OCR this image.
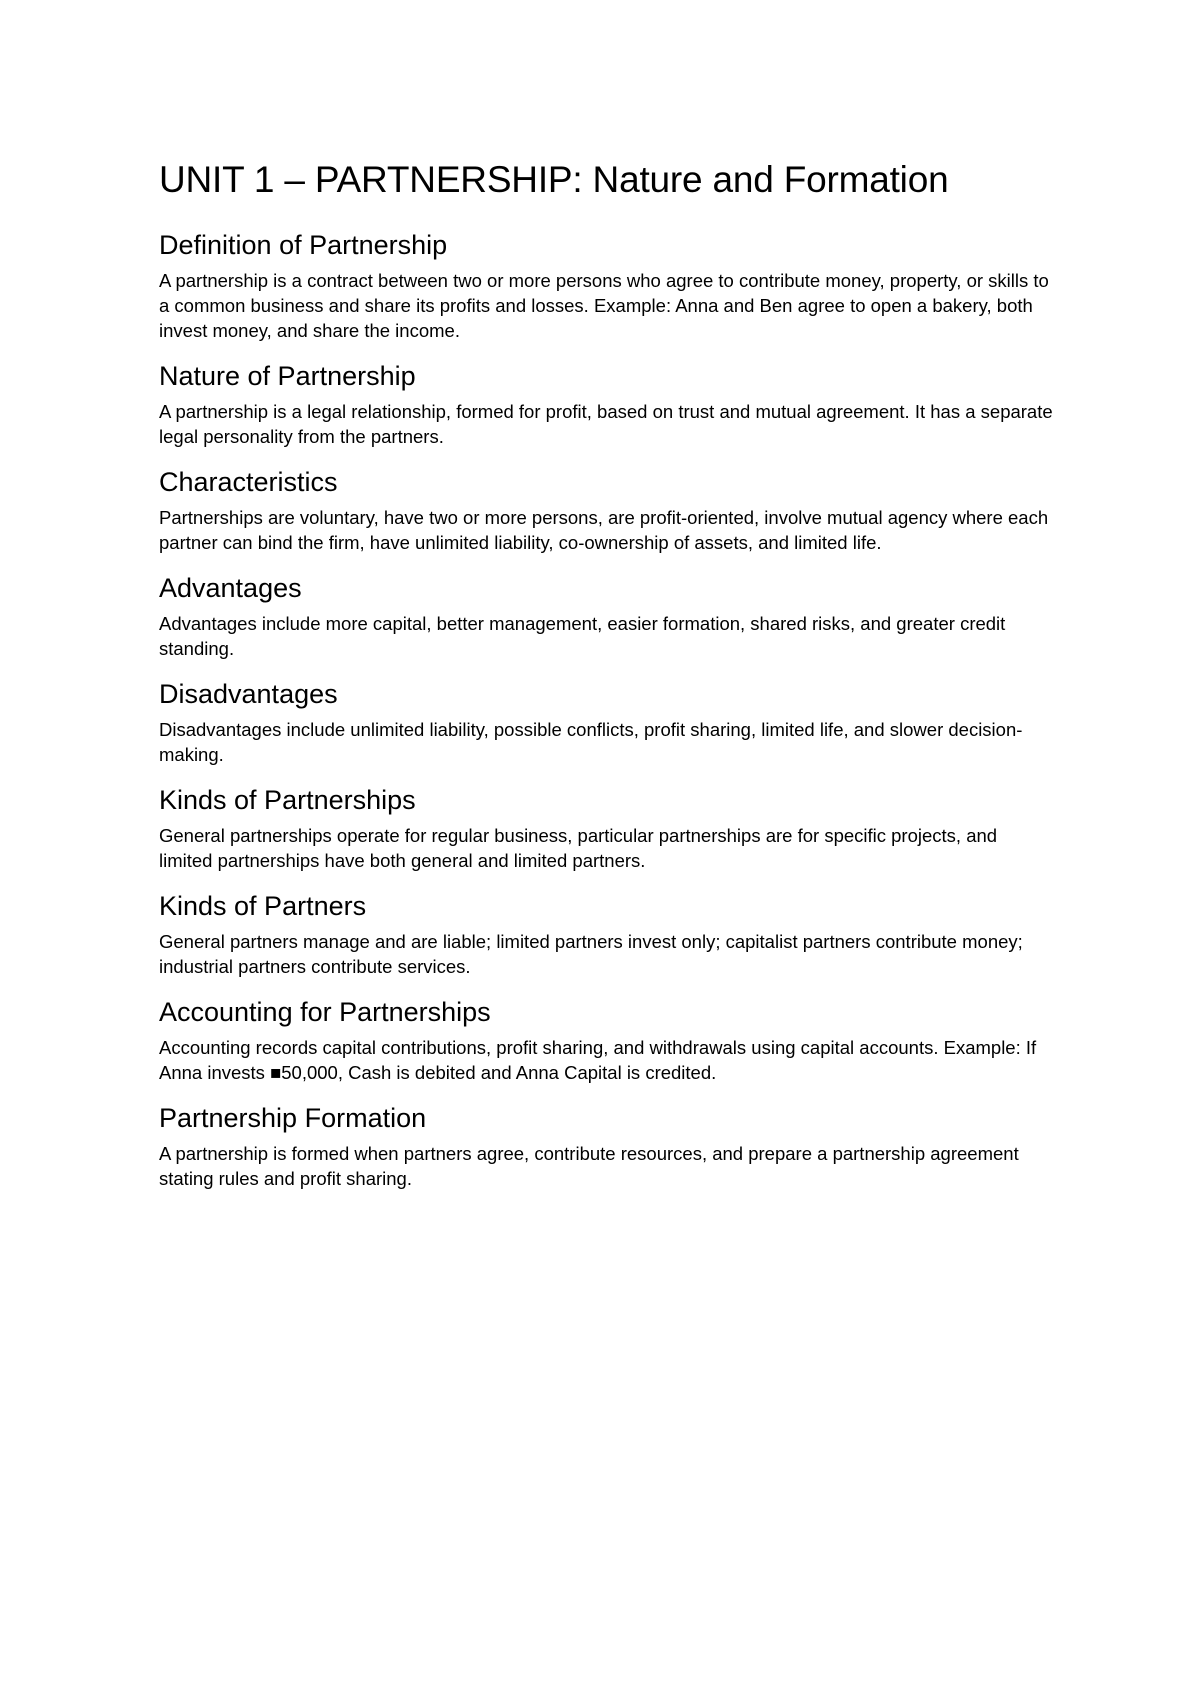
UNIT 1 – PARTNERSHIP: Nature and Formation
Definition of Partnership

A partnership is a contract between two or more persons who agree to contribute money, property, or skills to a common business and share its profits and losses. Example: Anna and Ben agree to open a bakery, both invest money, and share the income.

Nature of Partnership

A partnership is a legal relationship, formed for profit, based on trust and mutual agreement. It has a separate legal personality from the partners.

Characteristics

Partnerships are voluntary, have two or more persons, are profit-oriented, involve mutual agency where each partner can bind the firm, have unlimited liability, co-ownership of assets, and limited life.

Advantages

Advantages include more capital, better management, easier formation, shared risks, and greater credit standing.

Disadvantages

Disadvantages include unlimited liability, possible conflicts, profit sharing, limited life, and slower decision-making.

Kinds of Partnerships

General partnerships operate for regular business, particular partnerships are for specific projects, and limited partnerships have both general and limited partners.

Kinds of Partners

General partners manage and are liable; limited partners invest only; capitalist partners contribute money; industrial partners contribute services.

Accounting for Partnerships

Accounting records capital contributions, profit sharing, and withdrawals using capital accounts. Example: If Anna invests ■50,000, Cash is debited and Anna Capital is credited.

Partnership Formation

A partnership is formed when partners agree, contribute resources, and prepare a partnership agreement stating rules and profit sharing.
